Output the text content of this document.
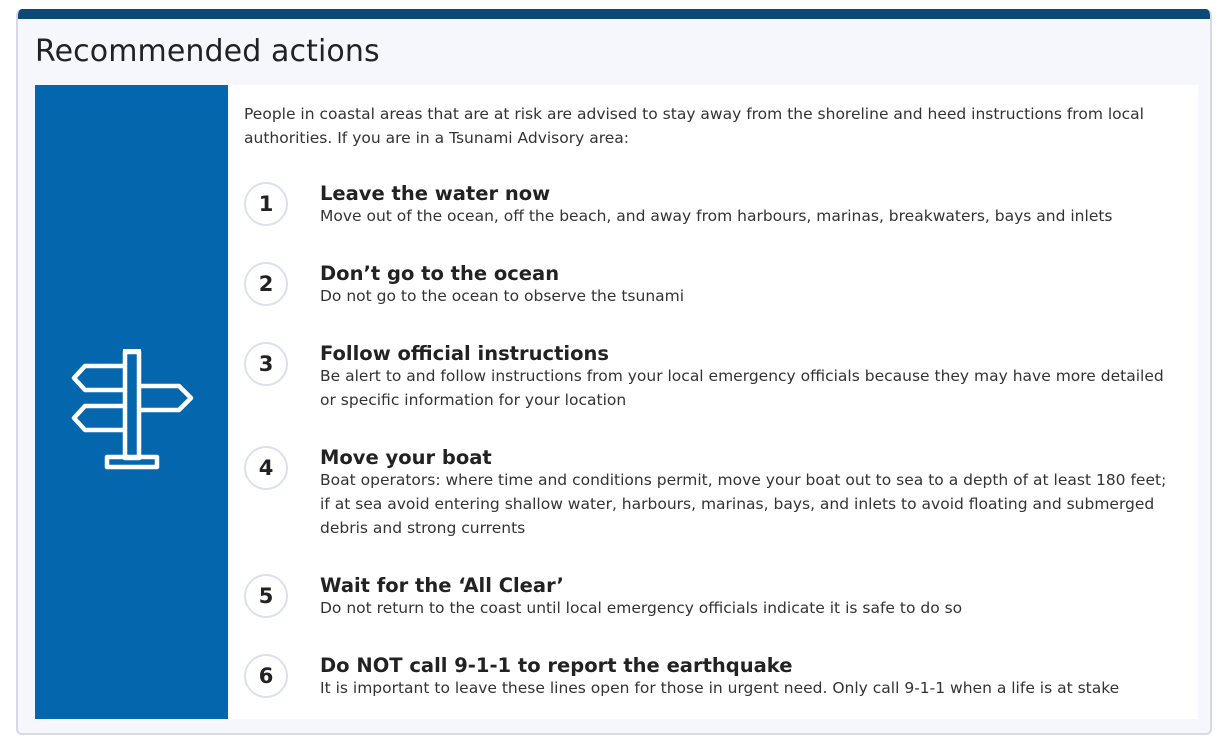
Recommended actions

People in coastal areas that are at risk are advised to stay away from the shoreline and heed instructions from local authorities. If you are in a Tsunami Advisory area:

1	Leave the water now

Move out of the ocean, off the beach, and away from harbours, marinas, breakwaters, bays and inlets

2	Don’t go to the ocean

Do not go to the ocean to observe the tsunami

3	Follow official instructions

Be alert to and follow instructions from your local emergency officials because they may have more detailed or specific information for your location

4	Move your boat

Boat operators: where time and conditions permit, move your boat out to sea to a depth of at least 180 feet; if at sea avoid entering shallow water, harbours, marinas, bays, and inlets to avoid floating and submerged debris and strong currents

5	Wait for the ‘All Clear’

Do not return to the coast until local emergency officials indicate it is safe to do so

6	Do NOT call 9-1-1 to report the earthquake

It is important to leave these lines open for those in urgent need. Only call 9-1-1 when a life is at stake
